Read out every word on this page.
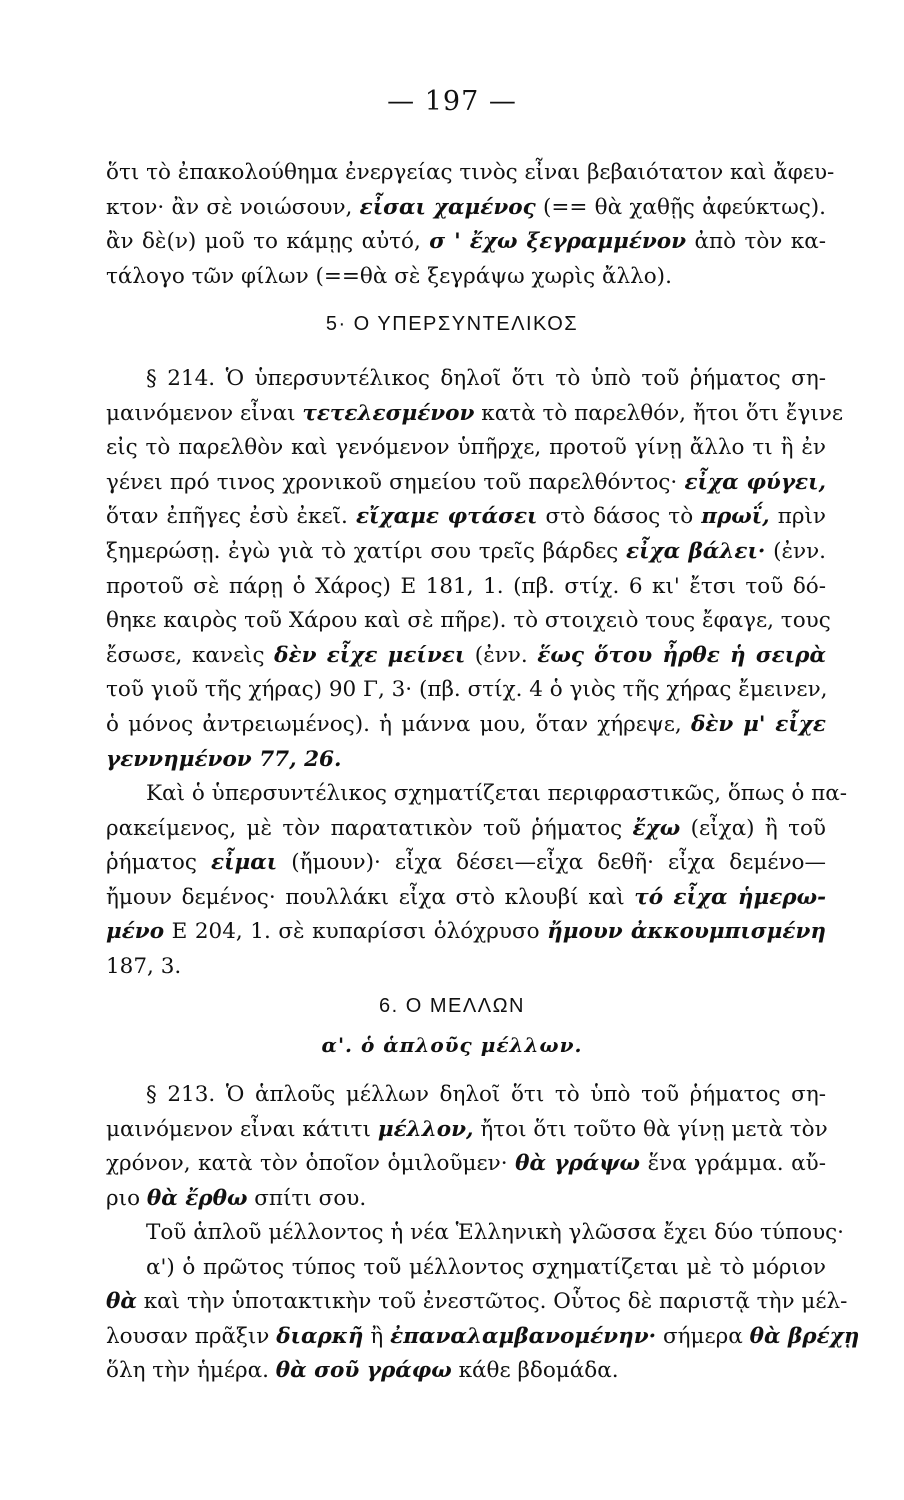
— 197 —
ὅτι τὸ ἐπακολούθημα ἐνεργείας τινὸς εἶναι βεβαιότατον καὶ ἄφευ-
κτον· ἂν σὲ νοιώσουν, εἶσαι χαμένος (== θὰ χαθῇς ἀφεύκτως).
ἂν δὲ(ν) μοῦ το κάμῃς αὐτό, σ ' ἔχω ξεγραμμένον ἀπὸ τὸν κα-
τάλογο τῶν φίλων (==θὰ σὲ ξεγράψω χωρὶς ἄλλο).
5· Ο ΥΠΕΡΣΥΝΤΕΛΙΚΟΣ
§ 214. Ὁ ὑπερσυντέλικος δηλοῖ ὅτι τὸ ὑπὸ τοῦ ῥήματος ση-
μαινόμενον εἶναι τετελεσμένον κατὰ τὸ παρελθόν, ἤτοι ὅτι ἔγινε
εἰς τὸ παρελθὸν καὶ γενόμενον ὑπῆρχε, προτοῦ γίνῃ ἄλλο τι ἢ ἐν
γένει πρό τινος χρονικοῦ σημείου τοῦ παρελθόντος· εἶχα φύγει,
ὅταν ἐπῆγες ἐσὺ ἐκεῖ. εἴχαμε φτάσει στὸ δάσος τὸ πρωΐ, πρὶν
ξημερώσῃ. ἐγὼ γιὰ τὸ χατίρι σου τρεῖς βάρδες εἶχα βάλει· (ἐνν.
προτοῦ σὲ πάρῃ ὁ Χάρος) Ε 181, 1. (πβ. στίχ. 6 κι' ἔτσι τοῦ δό-
θηκε καιρὸς τοῦ Χάρου καὶ σὲ πῆρε). τὸ στοιχειὸ τους ἔφαγε, τους
ἔσωσε, κανεὶς δὲν εἶχε μείνει (ἐνν. ἕως ὅτου ἦρθε ἡ σειρὰ
τοῦ γιοῦ τῆς χήρας) 90 Γ, 3· (πβ. στίχ. 4 ὁ γιὸς τῆς χήρας ἔμεινεν,
ὁ μόνος ἀντρειωμένος). ἡ μάννα μου, ὅταν χήρεψε, δὲν μ' εἶχε
γεννημένον 77, 26.
Καὶ ὁ ὑπερσυντέλικος σχηματίζεται περιφραστικῶς, ὅπως ὁ πα-
ρακείμενος, μὲ τὸν παρατατικὸν τοῦ ῥήματος ἔχω (εἶχα) ἢ τοῦ
ῥήματος εἶμαι (ἤμουν)· εἶχα δέσει—εἶχα δεθῆ· εἶχα δεμένο—
ἤμουν δεμένος· πουλλάκι εἶχα στὸ κλουβί καὶ τό εἶχα ἡμερω-
μένο Ε 204, 1. σὲ κυπαρίσσι ὁλόχρυσο ἤμουν ἀκκουμπισμένη
187, 3.
6. Ο ΜΕΛΛΩΝ
α'. ὁ ἁπλοῦς μέλλων.
§ 213. Ὁ ἁπλοῦς μέλλων δηλοῖ ὅτι τὸ ὑπὸ τοῦ ῥήματος ση-
μαινόμενον εἶναι κάτιτι μέλλον, ἤτοι ὅτι τοῦτο θὰ γίνῃ μετὰ τὸν
χρόνον, κατὰ τὸν ὁποῖον ὁμιλοῦμεν· θὰ γράψω ἕνα γράμμα. αὔ-
ριο θὰ ἔρθω σπίτι σου.
Τοῦ ἁπλοῦ μέλλοντος ἡ νέα Ἑλληνικὴ γλῶσσα ἔχει δύο τύπους·
α') ὁ πρῶτος τύπος τοῦ μέλλοντος σχηματίζεται μὲ τὸ μόριον
θὰ καὶ τὴν ὑποτακτικὴν τοῦ ἐνεστῶτος. Οὗτος δὲ παριστᾷ τὴν μέλ-
λουσαν πρᾶξιν διαρκῆ ἢ ἐπαναλαμβανομένην· σήμερα θὰ βρέχῃ
ὅλη τὴν ἡμέρα. θὰ σοῦ γράφω κάθε βδομάδα.
